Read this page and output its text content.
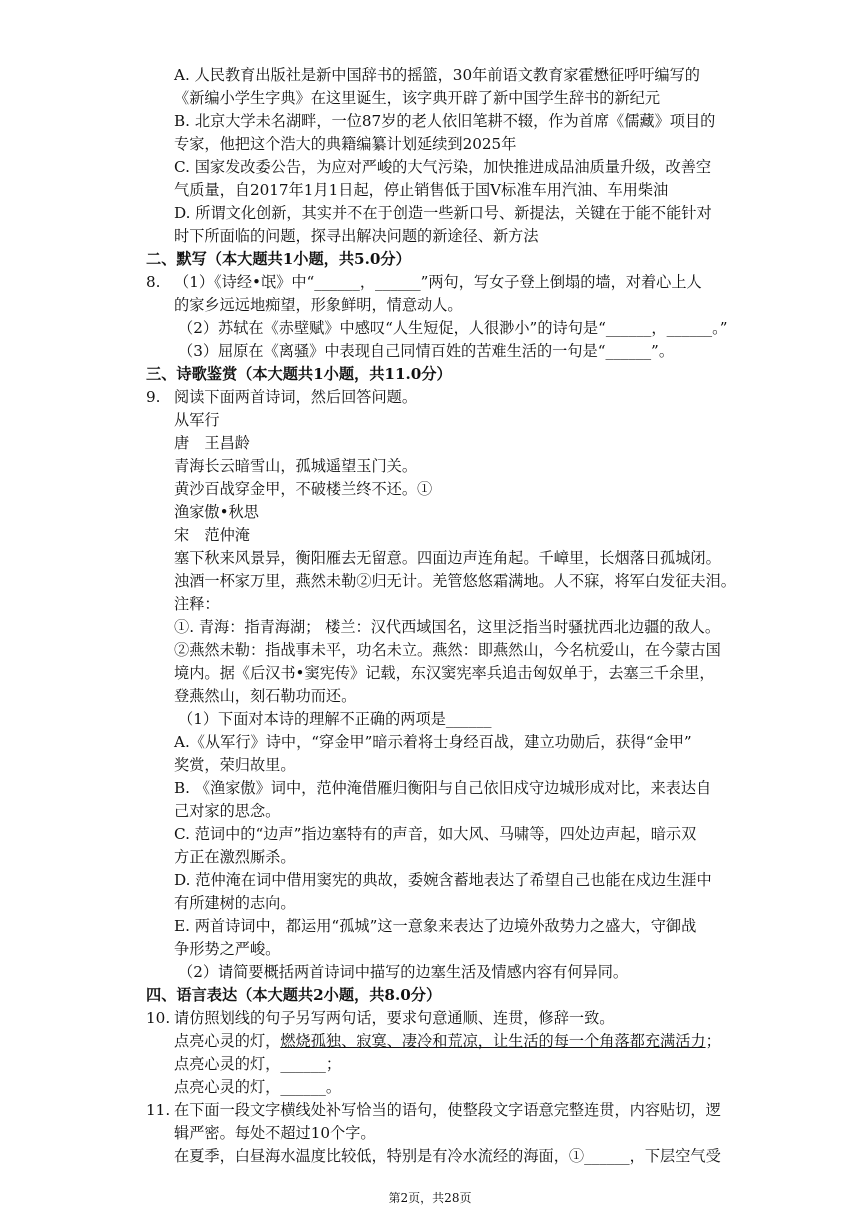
A. 人民教育出版社是新中国辞书的摇篮，30年前语文教育家霍懋征呼吁编写的
《新编小学生字典》在这里诞生，该字典开辟了新中国学生辞书的新纪元
B. 北京大学未名湖畔，一位87岁的老人依旧笔耕不辍，作为首席《儒藏》项目的
专家，他把这个浩大的典籍编纂计划延续到2025年
C. 国家发改委公告，为应对严峻的大气污染，加快推进成品油质量升级，改善空
气质量，自2017年1月1日起，停止销售低于国Ⅴ标准车用汽油、车用柴油
D. 所谓文化创新，其实并不在于创造一些新口号、新提法，关键在于能不能针对
时下所面临的问题，探寻出解决问题的新途径、新方法
二、默写（本大题共1小题，共5.0分）
8. （1）《诗经•氓》中“______，______”两句，写女子登上倒塌的墙，对着心上人
的家乡远远地痴望，形象鲜明，情意动人。
（2）苏轼在《赤壁赋》中感叹“人生短促，人很渺小”的诗句是“______，______。”
（3）屈原在《离骚》中表现自己同情百姓的苦难生活的一句是“______”。
三、诗歌鉴赏（本大题共1小题，共11.0分）
9. 阅读下面两首诗词，然后回答问题。
从军行
唐　王昌龄
青海长云暗雪山，孤城遥望玉门关。
黄沙百战穿金甲，不破楼兰终不还。①
渔家傲•秋思
宋　范仲淹
塞下秋来风景异，衡阳雁去无留意。四面边声连角起。千嶂里，长烟落日孤城闭。
浊酒一杯家万里，燕然未勒②归无计。羌管悠悠霜满地。人不寐，将军白发征夫泪。
注释：
①. 青海：指青海湖； 楼兰：汉代西域国名，这里泛指当时骚扰西北边疆的敌人。
②燕然未勒：指战事未平，功名未立。燕然：即燕然山，今名杭爱山，在今蒙古国
境内。据《后汉书•窦宪传》记载，东汉窦宪率兵追击匈奴单于，去塞三千余里，
登燕然山，刻石勒功而还。
（1）下面对本诗的理解不正确的两项是______
A.《从军行》诗中，“穿金甲”暗示着将士身经百战，建立功勋后，获得“金甲”
奖赏，荣归故里。
B. 《渔家傲》词中，范仲淹借雁归衡阳与自己依旧戍守边城形成对比，来表达自
己对家的思念。
C. 范词中的“边声”指边塞特有的声音，如大风、马啸等，四处边声起，暗示双
方正在激烈厮杀。
D. 范仲淹在词中借用窦宪的典故，委婉含蓄地表达了希望自己也能在戍边生涯中
有所建树的志向。
E. 两首诗词中，都运用“孤城”这一意象来表达了边境外敌势力之盛大，守御战
争形势之严峻。
（2）请简要概括两首诗词中描写的边塞生活及情感内容有何异同。
四、语言表达（本大题共2小题，共8.0分）
10. 请仿照划线的句子另写两句话，要求句意通顺、连贯，修辞一致。
点亮心灵的灯，燃烧孤独、寂寞、凄冷和荒凉，让生活的每一个角落都充满活力；
点亮心灵的灯，______；
点亮心灵的灯，______。
11. 在下面一段文字横线处补写恰当的语句，使整段文字语意完整连贯，内容贴切，逻
辑严密。每处不超过10个字。
在夏季，白昼海水温度比较低，特别是有冷水流经的海面，①______，下层空气受
第2页，共28页
